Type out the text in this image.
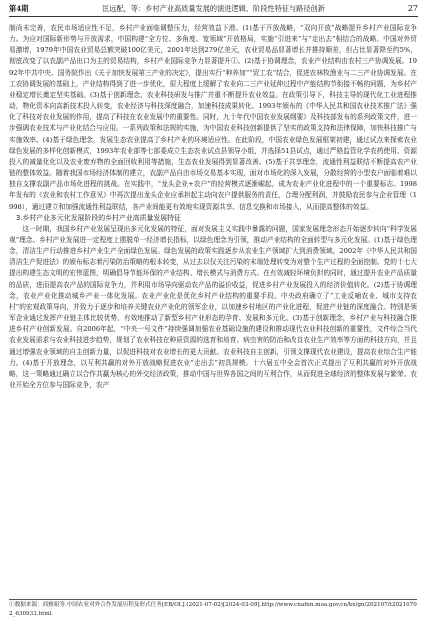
第4期	匡远配，等：乡村产业高质量发展的演进逻辑、阶段性特征与路径创新	27

制尚未完善，农民市场适应性不足，乡村产业面临调整压力，经营效益下滑。(1)基于开放战略，“双向开放”战略提升乡村产业国际竞争力。为应对国际新形势与开放需求，中国构建“全方位、多角度、宽领域”开放格局，实施“引进来”与“走出去”相结合的战略。中国对外贸易激增，1979年中国农业贸易总额突破100亿美元，2001年达到279亿美元，农业贸易品显著增长并推持顺差，但占比显著降至约5%，彻底改变了以农副产品出口为主的贸易结构，乡村产业国际竞争力显著提升①。(2)基于协调理念，农业产业结构由农村三产协调发展。1992年中共中央、国务院作出《关于加快发展第三产业的决定》，提出实行“种养加”“贸工农”结合，促进农林牧渔业与二三产业协调发展。在工农协调发展的基础上，产业结构得到了进一步优化，很大程度上缓解了农业向二三产业延伸过程中产能结构节衔接不畅的问题，为乡村产业稳定增长奠定坚实基础。(3)基于创新理念，农业科技研发与推广并重不断提升农业效益。在政策引导下，科技主导的现代化工业进程推动，物化资本向高新技术投入转变，农业经济与科技深度融合，加速科技成果转化。1993年颁布的《中华人民共和国农业技术推广法》强化了科技对农业发展的作用，提高了科技在农业发展中的重要性。同时，九十年代中国农业发展纲要》及科技部发布的系列政策文件，进一步强调农业技术与产业化结合与应用。一系列政策和法规的实施，为中国农业科技创新提供了坚实的政策支持和法律保障，加快科技推广与实施效率。(4)基于绿色理念，发展生态农业提高了乡村产业的环境适应性。在此阶段，中国农业绿色发展框架初建，通过试点来探索农业绿色发展的多样化创新模式，1993年农业部等七部委成立生态农业试点县领导小组，并选择51县试点，通过严格监管化学农药使用、资源投入的减量化化以及农业废弃物的全面回收利用等措施，生态农业发展得到显著改善。(5)基于共享理念，流通性利益联结不断提高农产业链的整体效益。随着我国市场经济体制的建立，农副产品自由市场交易基本实现，面对市场化的深入发展，分散经营的小型农户面临着难以独自支撑农副产品市场化进程的挑战。在实践中，“龙头企业+农户”的经营模式逐渐崛起，成为农业产业化进程中的一个重要标志。1998年发布的《农业和农村工作意见》中再次提出龙头企业应承担起主动向农户提供服务的责任，合理分配利润，并鼓励农民参与企业管理（1998），通过建立和加强流通性利益联结，各产业间能更有效地实现资源共享、信息交换和市场接入，从而提高整体的效益。

3.乡村产业多元化发展阶段的乡村产业高质量发展特征

这一时期，我国乡村产业发展呈现出多元化发展的特征，面对发展主义实践中暴露的问题，国家发展理念形态开始逐步转向“科学发展观”理念。乡村产业发展进一定程度上摆脱单一经济增长指标，以绿色理念为引领，推动产业结构的全面转型与多元化发展。(1)基于绿色理念，清洁生产行动推进乡村产业生产全面绿色发展。绿色发展的政策实践逐步从农业生产领域扩大到消费领域。2002年《中华人民共和国清洁生产促进法》的颁布标志着污染防治策略的根本转变，从过去以仅关注污染的末端处理转变为对整个生产过程的全面控制。党的十七大提出构建生态文明的宏伟蓝图，明确倡导节能环保的产业结构、增长模式与消费方式。在有效减轻环境负担的同时，通过提升农业产品质量的品质，进而提高农产品的国际竞争力，并利用市场导向驱动农产品的溢价收益，促进乡村产业发展投入的经济价值转化。(2)基于协调理念，农业产业化推动城乡产业一体化发展。农业产业化是优化乡村产业结构的重要手段。中央政府确立了“工业反哺农业、城市支持农村”的宏观政策导向，并致力于逐步和培养关键农业产业化的领军企业，以加速乡村地区的产业化进程，促进产业链的深度融合。特别是领军企业通过发挥产业链主体比较优势，有效地推动了新型乡村产业形态的孕育、发展和多元化。(3)基于创新理念，乡村产业与科技融合推进乡村产业创新发展。自2006年起，“中央一号文件”持续强调加强农业基础设施的建设和推动现代农业科技创新的重要性，文件综合当代农业发展需求与农业科技进步趋势，规划了农业科技在种质资源的选育和培育、病虫害的防治和改良农业生产效率等方面的科技方向，并且通过增强农业领域的自主创新力量，以促进科技对农业增长的更大贡献。农业科技自主创新，引领支撑现代农业建设，提高农业综合生产能力。(4)基于开放理念，以互利共赢的对外开放战略促进农业“走出去”初具规模。十六届五中全会首次正式提出了互利共赢的对外开放战略，这一策略通过确立以合作共赢为核心的外交经济政策，推动中国与世界各国之间的互利合作，从而促进全球经济的整体发展与繁荣。农业开始全方位参与国际竞争，农产

①数据来源：商雅娟等.中国农业对外合作发展历程及形式任务[EB/OL].(2021-07-02)[2024-03-09].http://www.cnafun.moa.gov.cn/kx/gn/202107/t20210702_630933.html.
